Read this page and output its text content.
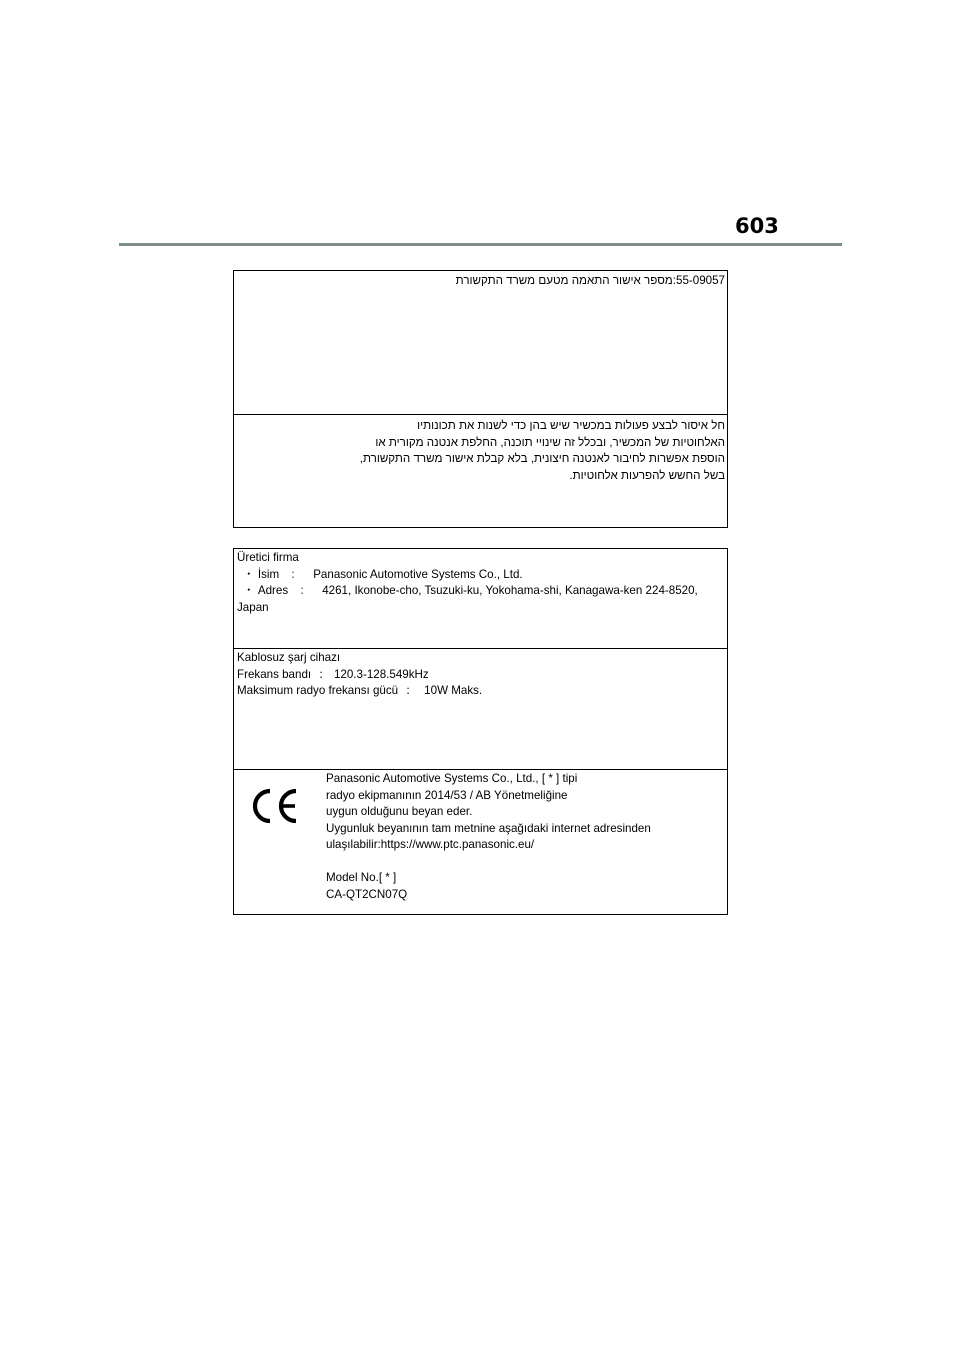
603
55-09057:מספר אישור התאמה מטעם משרד התקשורת
חל איסור לבצע פעולות במכשיר שיש בהן כדי לשנות את תכונותיו
האלחוטיות של המכשיר, ובכלל זה שינויי תוכנה, החלפת אנטנה מקורית או
הוספת אפשרות לחיבור לאנטנה חיצונית, בלא קבלת אישור משרד התקשורת,
בשל החשש להפרעות אלחוטיות.
Üretici firma
・ İsim ： Panasonic Automotive Systems Co., Ltd.
・ Adres ： 4261, Ikonobe-cho, Tsuzuki-ku, Yokohama-shi, Kanagawa-ken 224-8520,
Japan
Kablosuz şarj cihazı
Frekans bandı ： 120.3-128.549kHz
Maksimum radyo frekansı gücü ： 10W Maks.
Panasonic Automotive Systems Co., Ltd., [ * ] tipi
radyo ekipmanının 2014/53 / AB Yönetmeliğine
uygun olduğunu beyan eder.
Uygunluk beyanının tam metnine aşağıdaki internet adresinden
ulaşılabilir:https://www.ptc.panasonic.eu/
Model No.[ * ]
CA-QT2CN07Q
